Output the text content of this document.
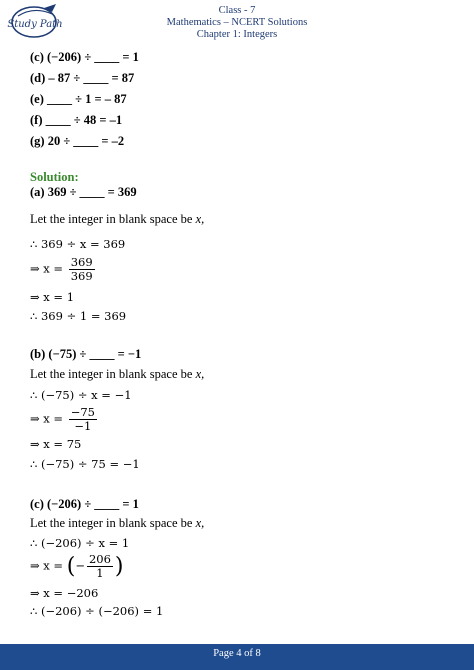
Study Path
Class - 7
Mathematics – NCERT Solutions
Chapter 1: Integers
(c) (−206) ÷ ____ = 1
(d) – 87 ÷ ____ = 87
(e) ____ ÷ 1 = – 87
(f) ____ ÷ 48 = –1
(g) 20 ÷ ____ = –2
Solution:
(a) 369 ÷ ____ = 369
Let the integer in blank space be x,
∴ 369 ÷ x = 369
⇒ $x = \frac{369}{369}$
⇒ x = 1
∴ 369 ÷ 1 = 369
(b) (−75) ÷ ____ = −1
Let the integer in blank space be x,
∴ (−75) ÷ x = −1
⇒ $x = \frac{-75}{-1}$
⇒ x = 75
∴ (−75) ÷ 75 = −1
(c) (−206) ÷ ____ = 1
Let the integer in blank space be x,
∴ (−206) ÷ x = 1
⇒ x = (− $\frac{206}{1}$ )
⇒ x = −206
∴ (−206) ÷ (−206) = 1
Page 4 of 8
